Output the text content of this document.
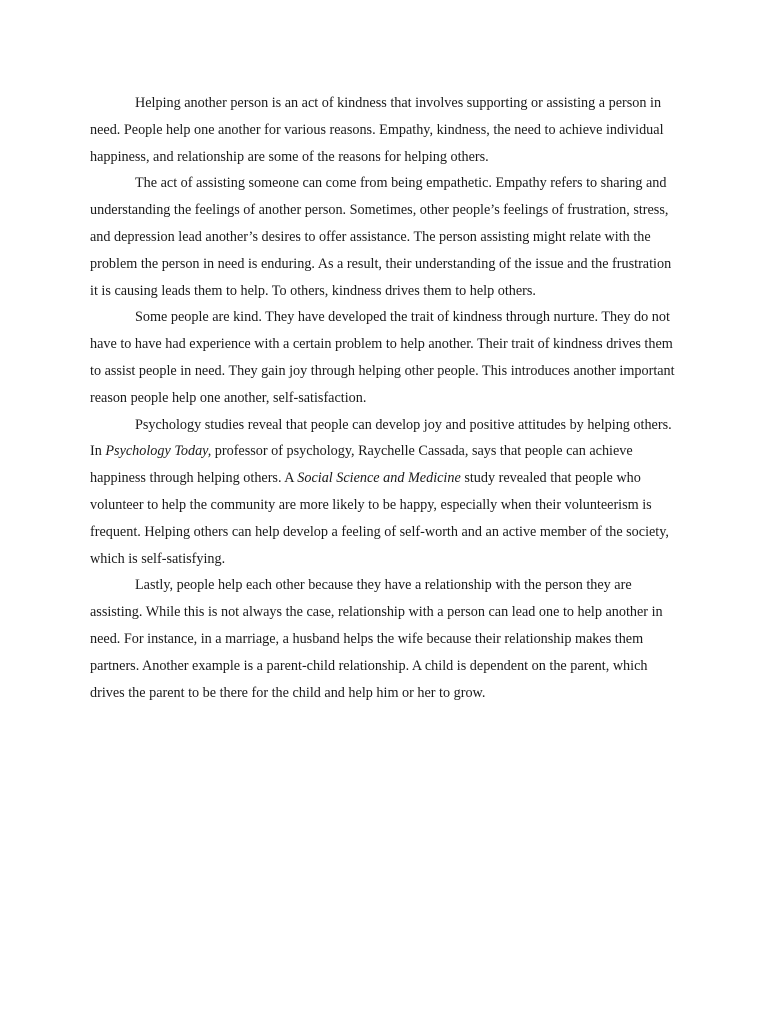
Helping another person is an act of kindness that involves supporting or assisting a person in need. People help one another for various reasons. Empathy, kindness, the need to achieve individual happiness, and relationship are some of the reasons for helping others.

The act of assisting someone can come from being empathetic. Empathy refers to sharing and understanding the feelings of another person. Sometimes, other people’s feelings of frustration, stress, and depression lead another’s desires to offer assistance. The person assisting might relate with the problem the person in need is enduring. As a result, their understanding of the issue and the frustration it is causing leads them to help. To others, kindness drives them to help others.

Some people are kind. They have developed the trait of kindness through nurture. They do not have to have had experience with a certain problem to help another. Their trait of kindness drives them to assist people in need. They gain joy through helping other people. This introduces another important reason people help one another, self-satisfaction.

Psychology studies reveal that people can develop joy and positive attitudes by helping others. In Psychology Today, professor of psychology, Raychelle Cassada, says that people can achieve happiness through helping others. A Social Science and Medicine study revealed that people who volunteer to help the community are more likely to be happy, especially when their volunteerism is frequent. Helping others can help develop a feeling of self-worth and an active member of the society, which is self-satisfying.

Lastly, people help each other because they have a relationship with the person they are assisting. While this is not always the case, relationship with a person can lead one to help another in need. For instance, in a marriage, a husband helps the wife because their relationship makes them partners. Another example is a parent-child relationship. A child is dependent on the parent, which drives the parent to be there for the child and help him or her to grow.
